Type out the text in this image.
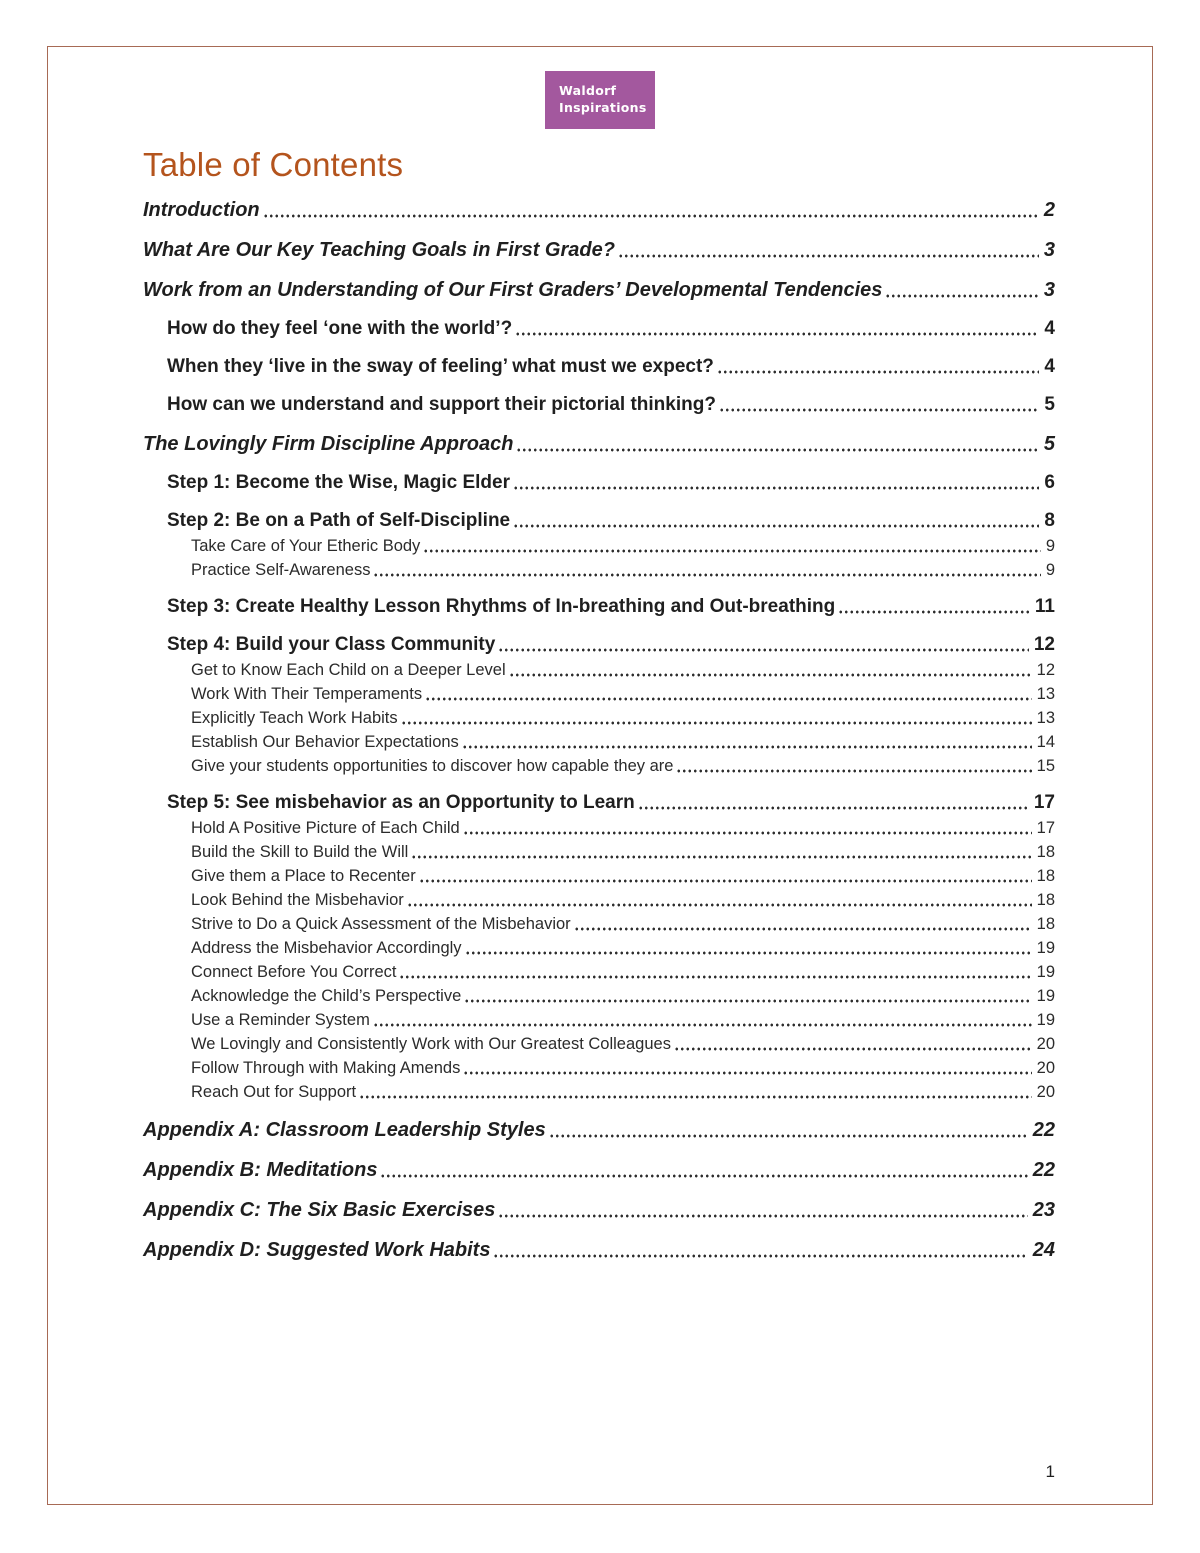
Waldorf
Inspirations
Table of Contents
Introduction	2
What Are Our Key Teaching Goals in First Grade?	3
Work from an Understanding of Our First Graders’ Developmental Tendencies	3
How do they feel ‘one with the world’?	4
When they ‘live in the sway of feeling’ what must we expect?	4
How can we understand and support their pictorial thinking?	5
The Lovingly Firm Discipline Approach	5
Step 1: Become the Wise, Magic Elder	6
Step 2: Be on a Path of Self-Discipline	8
Take Care of Your Etheric Body	9
Practice Self-Awareness	9
Step 3: Create Healthy Lesson Rhythms of In-breathing and Out-breathing	11
Step 4: Build your Class Community	12
Get to Know Each Child on a Deeper Level	12
Work With Their Temperaments	13
Explicitly Teach Work Habits	13
Establish Our Behavior Expectations	14
Give your students opportunities to discover how capable they are	15
Step 5: See misbehavior as an Opportunity to Learn	17
Hold A Positive Picture of Each Child	17
Build the Skill to Build the Will	18
Give them a Place to Recenter	18
Look Behind the Misbehavior	18
Strive to Do a Quick Assessment of the Misbehavior	18
Address the Misbehavior Accordingly	19
Connect Before You Correct	19
Acknowledge the Child’s Perspective	19
Use a Reminder System	19
We Lovingly and Consistently Work with Our Greatest Colleagues	20
Follow Through with Making Amends	20
Reach Out for Support	20
Appendix A: Classroom Leadership Styles	22
Appendix B: Meditations	22
Appendix C: The Six Basic Exercises	23
Appendix D: Suggested Work Habits	24
1
